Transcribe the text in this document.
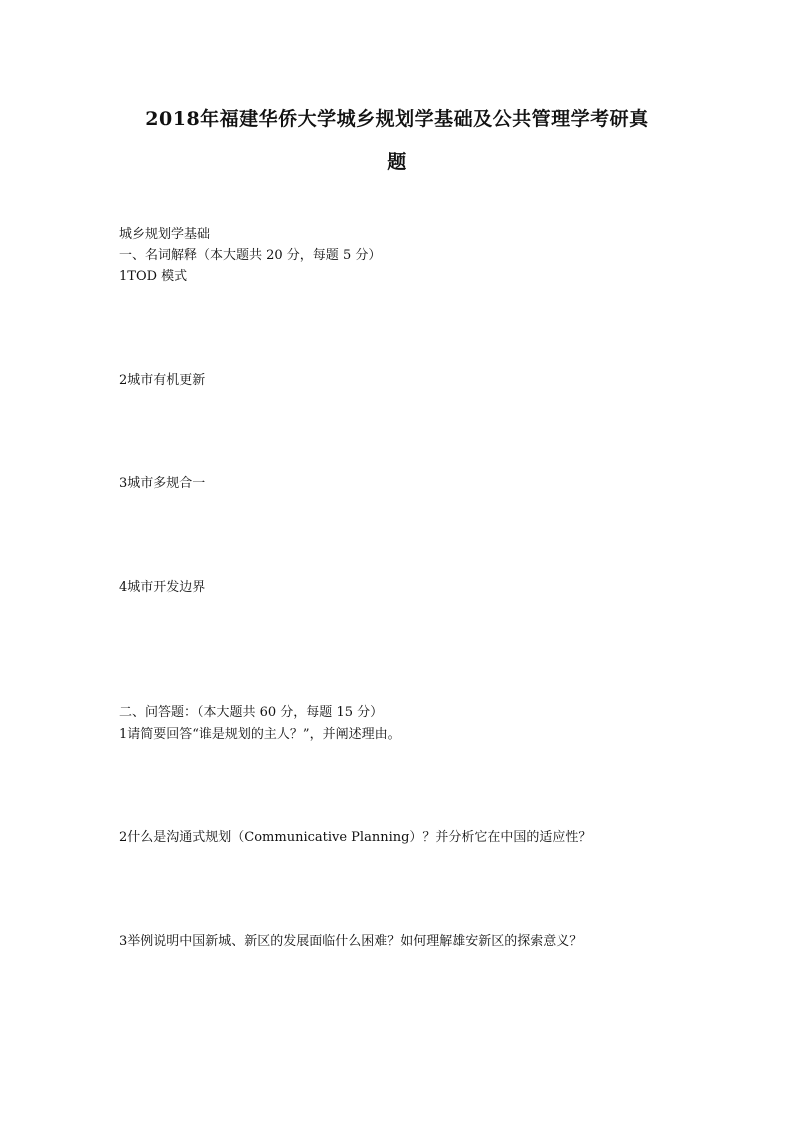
2018年福建华侨大学城乡规划学基础及公共管理学考研真
题

城乡规划学基础

一、名词解释（本大题共 20 分，每题 5 分）

1TOD 模式

2城市有机更新

3城市多规合一

4城市开发边界

二、问答题：（本大题共 60 分，每题 15 分）

1请简要回答“谁是规划的主人？”，并阐述理由。

2什么是沟通式规划（Communicative Planning）？并分析它在中国的适应性？

3举例说明中国新城、新区的发展面临什么困难？如何理解雄安新区的探索意义？
